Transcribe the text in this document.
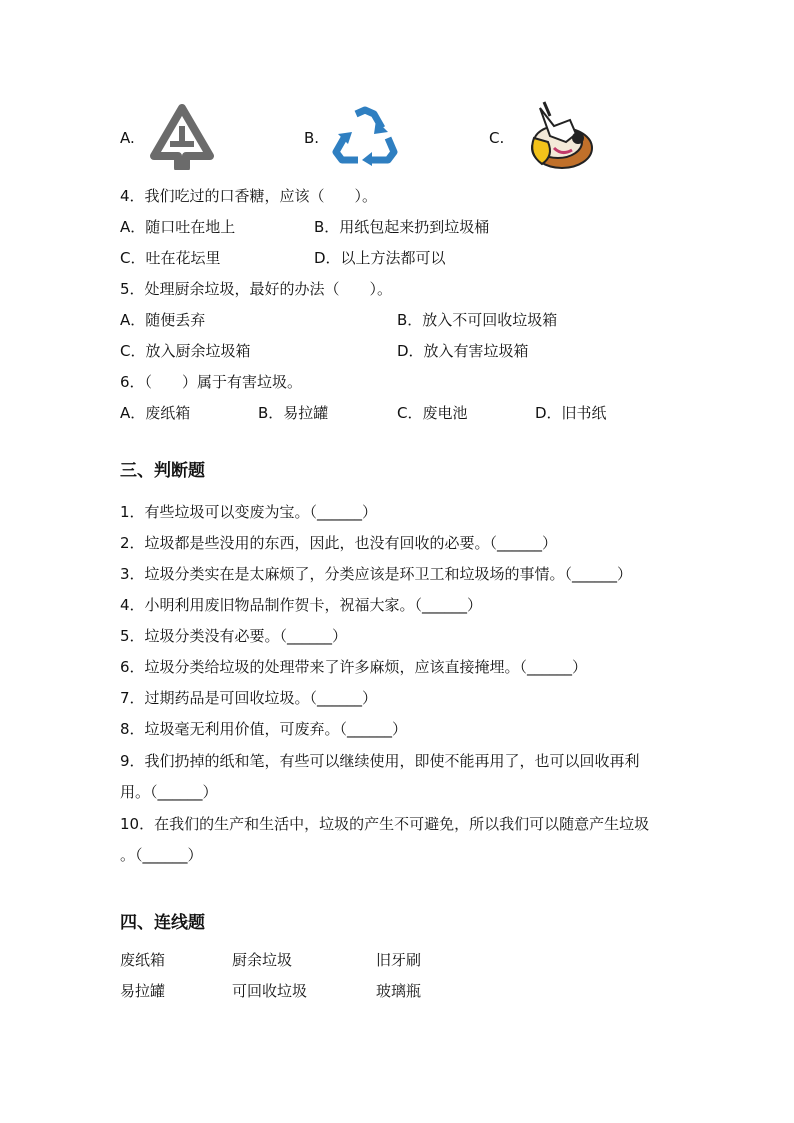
A.	B.	C.
4．我们吃过的口香糖，应该（　　）。
A．随口吐在地上	B．用纸包起来扔到垃圾桶
C．吐在花坛里	D．以上方法都可以
5．处理厨余垃圾，最好的办法（　　）。
A．随便丢弃	B．放入不可回收垃圾箱
C．放入厨余垃圾箱	D．放入有害垃圾箱
6．（　　）属于有害垃圾。
A．废纸箱	B．易拉罐	C．废电池	D．旧书纸
三、判断题
1．有些垃圾可以变废为宝。（______）
2．垃圾都是些没用的东西，因此，也没有回收的必要。（______）
3．垃圾分类实在是太麻烦了，分类应该是环卫工和垃圾场的事情。（______）
4．小明利用废旧物品制作贺卡，祝福大家。（______）
5．垃圾分类没有必要。（______）
6．垃圾分类给垃圾的处理带来了许多麻烦，应该直接掩埋。（______）
7．过期药品是可回收垃圾。（______）
8．垃圾毫无利用价值，可废弃。（______）
9．我们扔掉的纸和笔，有些可以继续使用，即使不能再用了，也可以回收再利
用。（______）
10．在我们的生产和生活中，垃圾的产生不可避免，所以我们可以随意产生垃圾
。（______）
四、连线题
废纸箱	厨余垃圾	旧牙刷
易拉罐	可回收垃圾	玻璃瓶
